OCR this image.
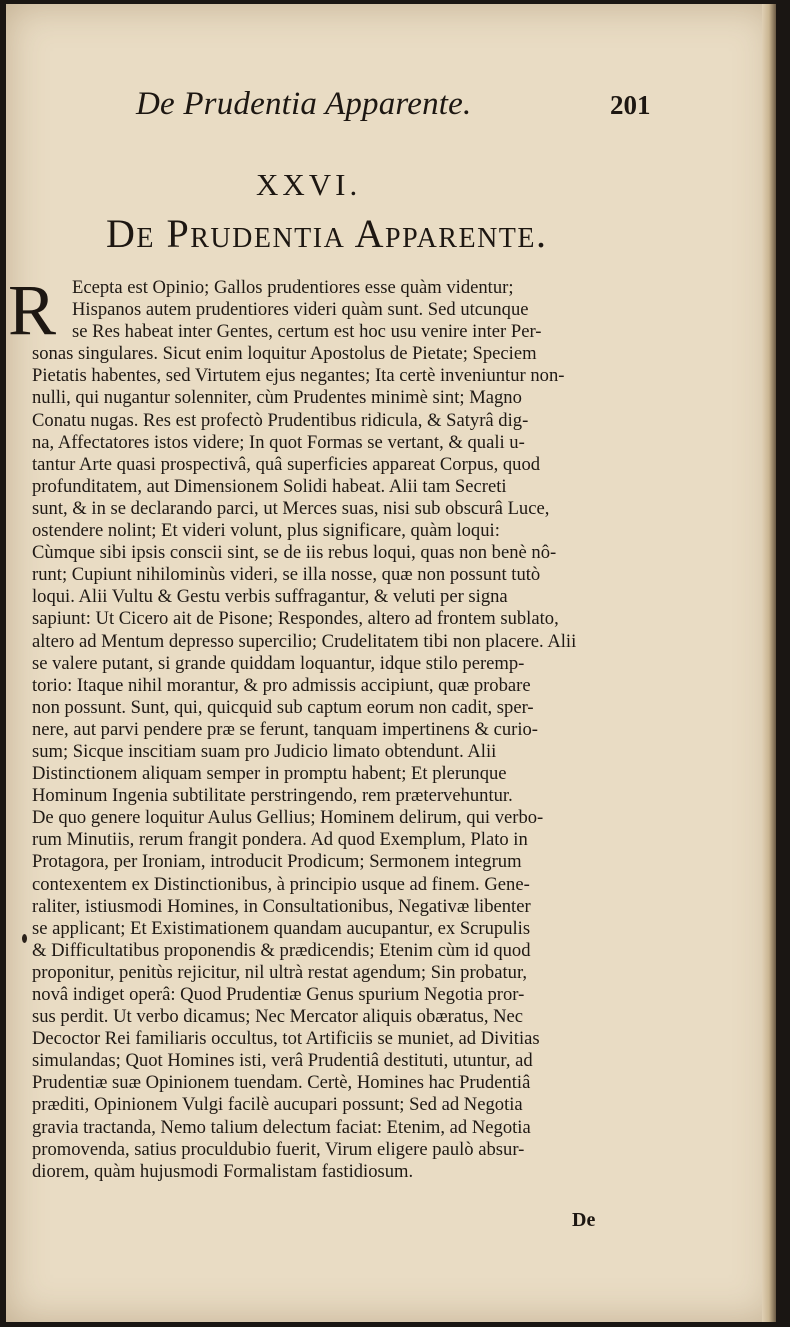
De Prudentia Apparente.	201
XXVI.
De Prudentia Apparente.
R Ecepta est Opinio; Gallos prudentiores esse quàm videntur;
Hispanos autem prudentiores videri quàm sunt. Sed utcunque
se Res habeat inter Gentes, certum est hoc usu venire inter Per-
sonas singulares. Sicut enim loquitur Apostolus de Pietate; Speciem
Pietatis habentes, sed Virtutem ejus negantes; Ita certè inveniuntur non-
nulli, qui nugantur solenniter, cùm Prudentes minimè sint; Magno
Conatu nugas. Res est profectò Prudentibus ridicula, & Satyrâ dig-
na, Affectatores istos videre; In quot Formas se vertant, & quali u-
tantur Arte quasi prospectivâ, quâ superficies appareat Corpus, quod
profunditatem, aut Dimensionem Solidi habeat. Alii tam Secreti
sunt, & in se declarando parci, ut Merces suas, nisi sub obscurâ Luce,
ostendere nolint; Et videri volunt, plus significare, quàm loqui:
Cùmque sibi ipsis conscii sint, se de iis rebus loqui, quas non benè nô-
runt; Cupiunt nihilominùs videri, se illa nosse, quæ non possunt tutò
loqui. Alii Vultu & Gestu verbis suffragantur, & veluti per signa
sapiunt: Ut Cicero ait de Pisone; Respondes, altero ad frontem sublato,
altero ad Mentum depresso supercilio; Crudelitatem tibi non placere. Alii
se valere putant, si grande quiddam loquantur, idque stilo peremp-
torio: Itaque nihil morantur, & pro admissis accipiunt, quæ probare
non possunt. Sunt, qui, quicquid sub captum eorum non cadit, sper-
nere, aut parvi pendere præ se ferunt, tanquam impertinens & curio-
sum; Sicque inscitiam suam pro Judicio limato obtendunt. Alii
Distinctionem aliquam semper in promptu habent; Et plerunque
Hominum Ingenia subtilitate perstringendo, rem prætervehuntur.
De quo genere loquitur Aulus Gellius; Hominem delirum, qui verbo-
rum Minutiis, rerum frangit pondera. Ad quod Exemplum, Plato in
Protagora, per Ironiam, introducit Prodicum; Sermonem integrum
contexentem ex Distinctionibus, à principio usque ad finem. Gene-
raliter, istiusmodi Homines, in Consultationibus, Negativæ libenter
se applicant; Et Existimationem quandam aucupantur, ex Scrupulis
& Difficultatibus proponendis & prædicendis; Etenim cùm id quod
proponitur, penitùs rejicitur, nil ultrà restat agendum; Sin probatur,
novâ indiget operâ: Quod Prudentiæ Genus spurium Negotia pror-
sus perdit. Ut verbo dicamus; Nec Mercator aliquis obæratus, Nec
Decoctor Rei familiaris occultus, tot Artificiis se muniet, ad Divitias
simulandas; Quot Homines isti, verâ Prudentiâ destituti, utuntur, ad
Prudentiæ suæ Opinionem tuendam. Certè, Homines hac Prudentiâ
præditi, Opinionem Vulgi facilè aucupari possunt; Sed ad Negotia
gravia tractanda, Nemo talium delectum faciat: Etenim, ad Negotia
promovenda, satius proculdubio fuerit, Virum eligere paulò absur-
diorem, quàm hujusmodi Formalistam fastidiosum.
De
